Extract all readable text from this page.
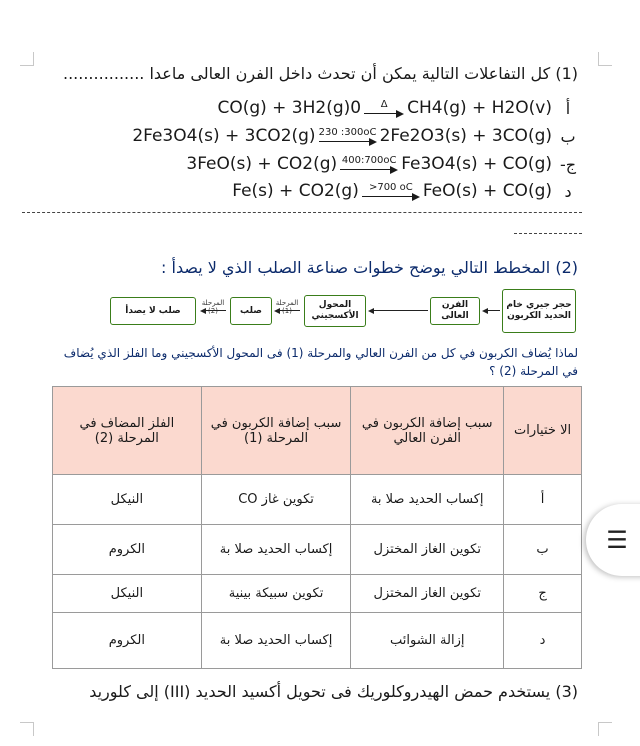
(1) كل التفاعلات التالية يمكن أن تحدث داخل الفرن العالى ماعدا ................
أ
CO(g) + 3H2(g)0 Δ CH4(g) + H2O(v)
ب
2Fe3O4(s) + 3CO2(g) 230 :300oC 2Fe2O3(s) + 3CO(g)
ج-
3FeO(s) + CO2(g) 400:700oC Fe3O4(s) + CO(g)
د
Fe(s) + CO2(g) >700 oC FeO(s) + CO(g)
(2) المخطط التالي يوضح خطوات صناعة الصلب الذي لا يصدأ :
حجر جيري خام الحديد الكربون
الفرن العالى
المحول الأكسجيني
المرحلة (1)
صلب
المرحلة (2)
صلب لا يصدأ
لماذا يُضاف الكربون في كل من الفرن العالي والمرحلة (1) فى المحول الأكسجيني وما الفلز الذي يُضاف في المرحلة (2) ؟
الا ختيارات	سبب إضافة الكربون في الفرن العالي	سبب إضافة الكربون في المرحلة (1)	الفلز المضاف في المرحلة (2)
أ	إكساب الحديد صلا بة	تكوين غاز CO	النيكل
ب	تكوين الغاز المختزل	إكساب الحديد صلا بة	الكروم
ج	تكوين الغاز المختزل	تكوين سبيكة بينية	النيكل
د	إزالة الشوائب	إكساب الحديد صلا بة	الكروم
(3) يستخدم حمض الهيدروكلوريك فى تحويل أكسيد الحديد (III) إلى كلوريد
☰
